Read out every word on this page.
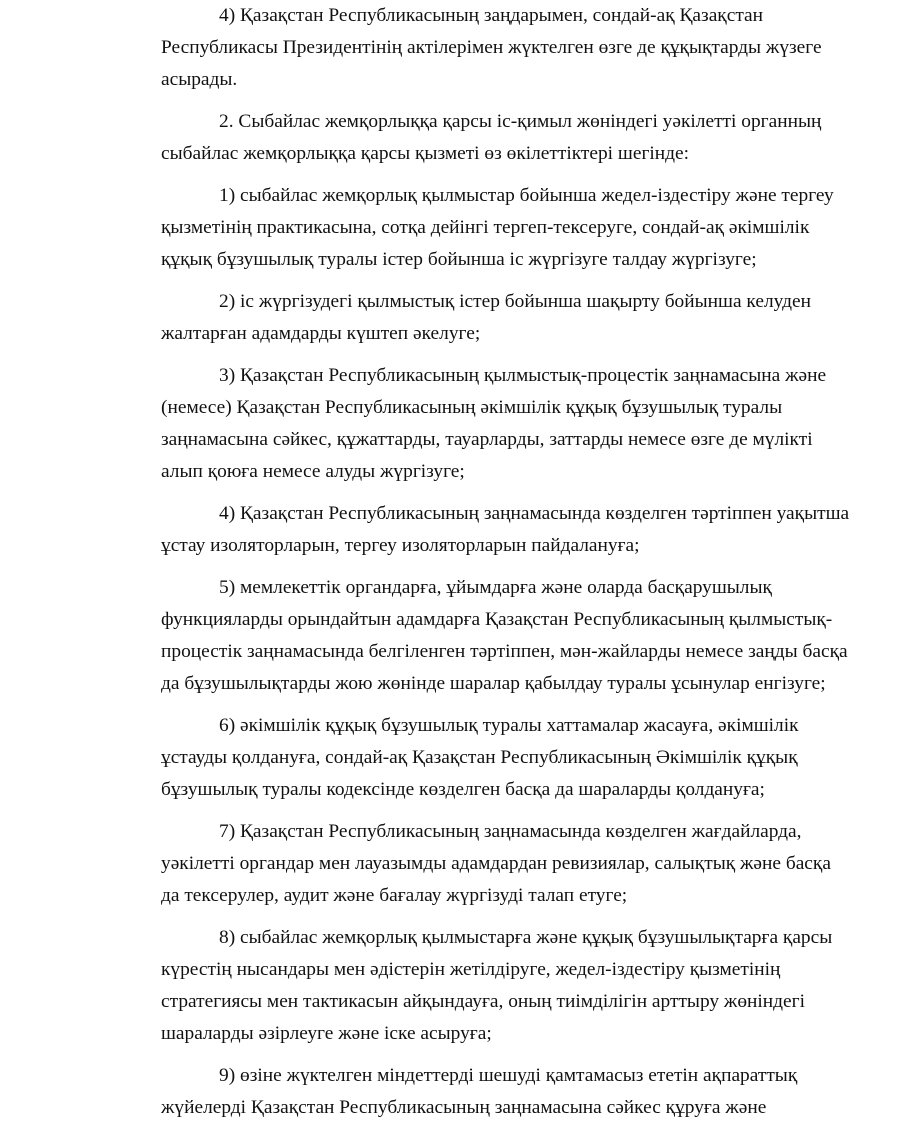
4) Қазақстан Республикасының заңдарымен, сондай-ақ Қазақстан
Республикасы Президентінің актілерімен жүктелген өзге де құқықтарды жүзеге
асырады.
2. Сыбайлас жемқорлыққа қарсы іс-қимыл жөніндегі уәкілетті органның
сыбайлас жемқорлыққа қарсы қызметі өз өкілеттіктері шегінде:
1) сыбайлас жемқорлық қылмыстар бойынша жедел-іздестіру және тергеу
қызметінің практикасына, сотқа дейінгі тергеп-тексеруге, сондай-ақ әкімшілік
құқық бұзушылық туралы істер бойынша іс жүргізуге талдау жүргізуге;
2) іс жүргізудегі қылмыстық істер бойынша шақырту бойынша келуден
жалтарған адамдарды күштеп әкелуге;
3) Қазақстан Республикасының қылмыстық-процестік заңнамасына және
(немесе) Қазақстан Республикасының әкімшілік құқық бұзушылық туралы
заңнамасына сәйкес, құжаттарды, тауарларды, заттарды немесе өзге де мүлікті
алып қоюға немесе алуды жүргізуге;
4) Қазақстан Республикасының заңнамасында көзделген тәртіппен уақытша
ұстау изоляторларын, тергеу изоляторларын пайдалануға;
5) мемлекеттік органдарға, ұйымдарға және оларда басқарушылық
функцияларды орындайтын адамдарға Қазақстан Республикасының қылмыстық-
процестік заңнамасында белгіленген тәртіппен, мән-жайларды немесе заңды басқа
да бұзушылықтарды жою жөнінде шаралар қабылдау туралы ұсынулар енгізуге;
6) әкімшілік құқық бұзушылық туралы хаттамалар жасауға, әкімшілік
ұстауды қолдануға, сондай-ақ Қазақстан Республикасының Әкімшілік құқық
бұзушылық туралы кодексінде көзделген басқа да шараларды қолдануға;
7) Қазақстан Республикасының заңнамасында көзделген жағдайларда,
уәкілетті органдар мен лауазымды адамдардан ревизиялар, салықтық және басқа
да тексерулер, аудит және бағалау жүргізуді талап етуге;
8) сыбайлас жемқорлық қылмыстарға және құқық бұзушылықтарға қарсы
күрестің нысандары мен әдістерін жетілдіруге, жедел-іздестіру қызметінің
стратегиясы мен тактикасын айқындауға, оның тиімділігін арттыру жөніндегі
шараларды әзірлеуге және іске асыруға;
9) өзіне жүктелген міндеттерді шешуді қамтамасыз ететін ақпараттық
жүйелерді Қазақстан Республикасының заңнамасына сәйкес құруға және
